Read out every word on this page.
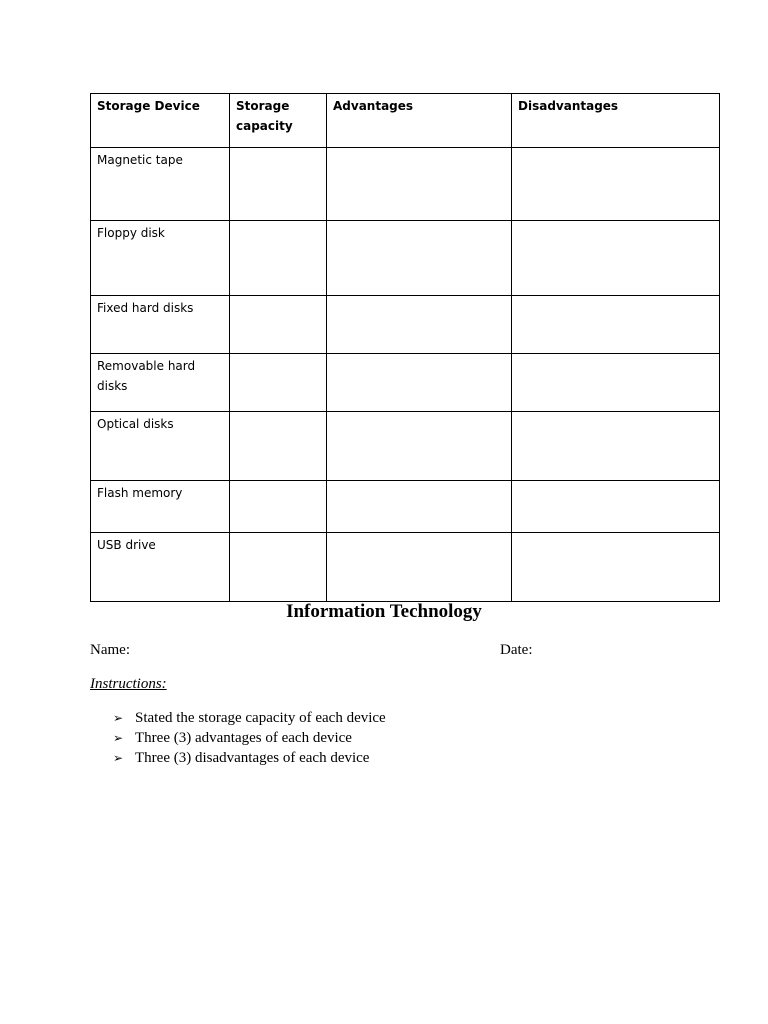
Storage Device	Storage capacity	Advantages	Disadvantages
Magnetic tape			
Floppy disk			
Fixed hard disks			
Removable hard disks			
Optical disks			
Flash memory			
USB drive			
Information Technology
Name:	Date:
Instructions:
➢ Stated the storage capacity of each device
➢ Three (3) advantages of each device
➢ Three (3) disadvantages of each device
